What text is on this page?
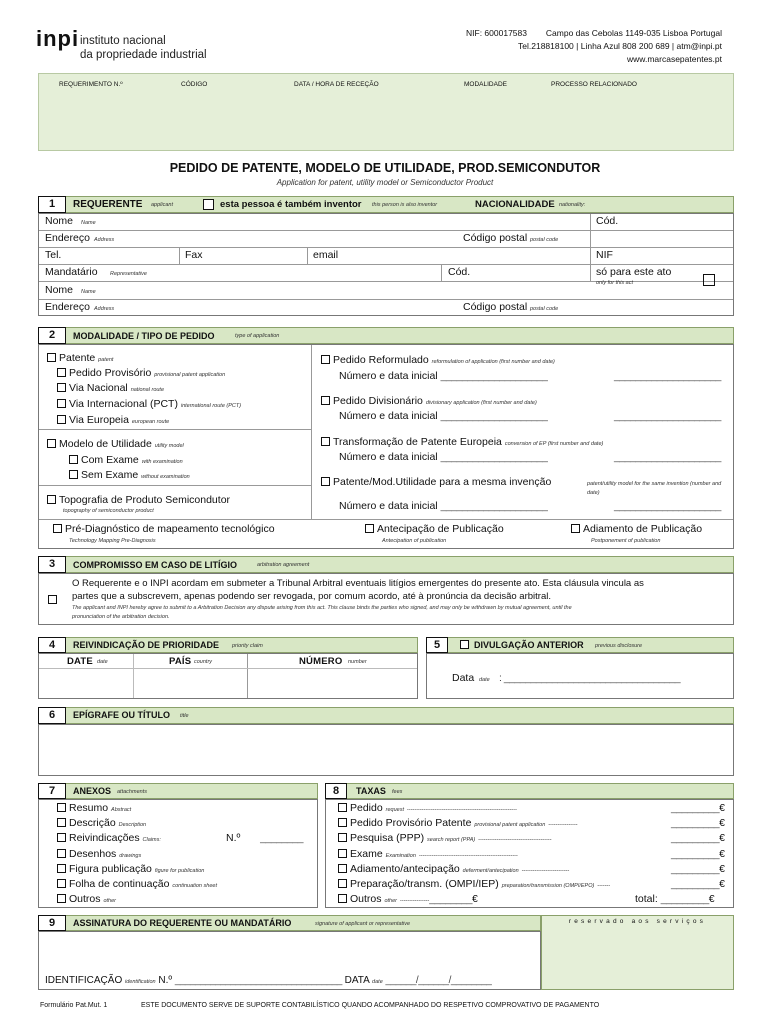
inpi instituto nacional
da propriedade industrial
NIF: 600017583 Campo das Cebolas 1149-035 Lisboa Portugal
Tel.218818100 | Linha Azul 808 200 689 | atm@inpi.pt
www.marcasepatentes.pt
REQUERIMENTO N.º	CÓDIGO	DATA / HORA DE RECEÇÃO	MODALIDADE	PROCESSO RELACIONADO
PEDIDO DE PATENTE, MODELO DE UTILIDADE, PROD.SEMICONDUTOR
Application for patent, utility model or Semiconductor Product
1	REQUERENTE applicant	esta pessoa é também inventor this person is also inventor	NACIONALIDADE nationality:
Nome Name	Cód.
Endereço Address	Código postal postal code
Tel.	Fax	email	NIF
Mandatário Representative	Cód.	só para este ato
only for this act
Nome Name
Endereço Address	Código postal postal code
2	MODALIDADE / TIPO DE PEDIDO	type of application
Patente patent
Pedido Provisório provisional patent application
Via Nacional national route
Via Internacional (PCT) international route (PCT)
Via Europeia european route
Modelo de Utilidade utility model
Com Exame with examination
Sem Exame without examination
Topografia de Produto Semicondutor
topography of semiconductor product
Pedido Reformulado reformulation of application (first number and date)
Número e data inicial ____________________	____________________
Pedido Divisionário divisionary application (first number and date)
Número e data inicial ____________________	____________________
Transformação de Patente Europeia conversion of EP (first number and date)
Número e data inicial ____________________	____________________
Patente/Mod.Utilidade para a mesma invenção	patent/utility model for the same invention (number and date)
Número e data inicial ____________________	____________________
Pré-Diagnóstico de mapeamento tecnológico
Technology Mapping Pre-Diagnosis
Antecipação de Publicação
Antecipation of publication
Adiamento de Publicação
Postponement of publication
3	COMPROMISSO EM CASO DE LITÍGIO	arbitration agreement
O Requerente e o INPI acordam em submeter a Tribunal Arbitral eventuais litígios emergentes do presente ato. Esta cláusula vincula as
partes que a subscrevem, apenas podendo ser revogada, por comum acordo, até à pronúncia da decisão arbitral.
The applicant and INPI hereby agree to submit to a Arbitration Decision any dispute arising from this act. This clause binds the parties who signed, and may only be withdrawn by mutual agreement, until the
pronunciation of the arbitration decision.
4	REIVINDICAÇÃO DE PRIORIDADE priority claim
DATE date	PAÍS country	NÚMERO number
5	DIVULGAÇÃO ANTERIOR previous disclosure
Data date : _________________________________
6	EPÍGRAFE OU TÍTULO title
7	ANEXOS attachments
Resumo Abstract
Descrição Description
Reivindicações Claims:	N.º        ________
Desenhos drawings
Figura publicação figure for publication
Folha de continuação continuation sheet
Outros other
8	TAXAS fees
Pedido request ------------------------------------------------------------	_________€
Pedido Provisório Patente provisional patent application ----------------	_________€
Pesquisa (PPP) search report (PPA) ----------------------------------------	_________€
Exame Examination ------------------------------------------------------	_________€
Adiamento/antecipação deferment/antecipation --------------------------	_________€
Preparação/transm. (OMPI/IEP) preparation/transmission (OMPI/EPO) -------	_________€
Outros other ----------------________€	total: _________€
9	ASSINATURA DO REQUERENTE OU MANDATÁRIO	signature of applicant or representative
IDENTIFICAÇÃO identification N.º _________________________________ DATA date ______/______/________
reservado aos serviços
Formulário Pat.Mut. 1	ESTE DOCUMENTO SERVE DE SUPORTE CONTABILÍSTICO QUANDO ACOMPANHADO DO RESPETIVO COMPROVATIVO DE PAGAMENTO
